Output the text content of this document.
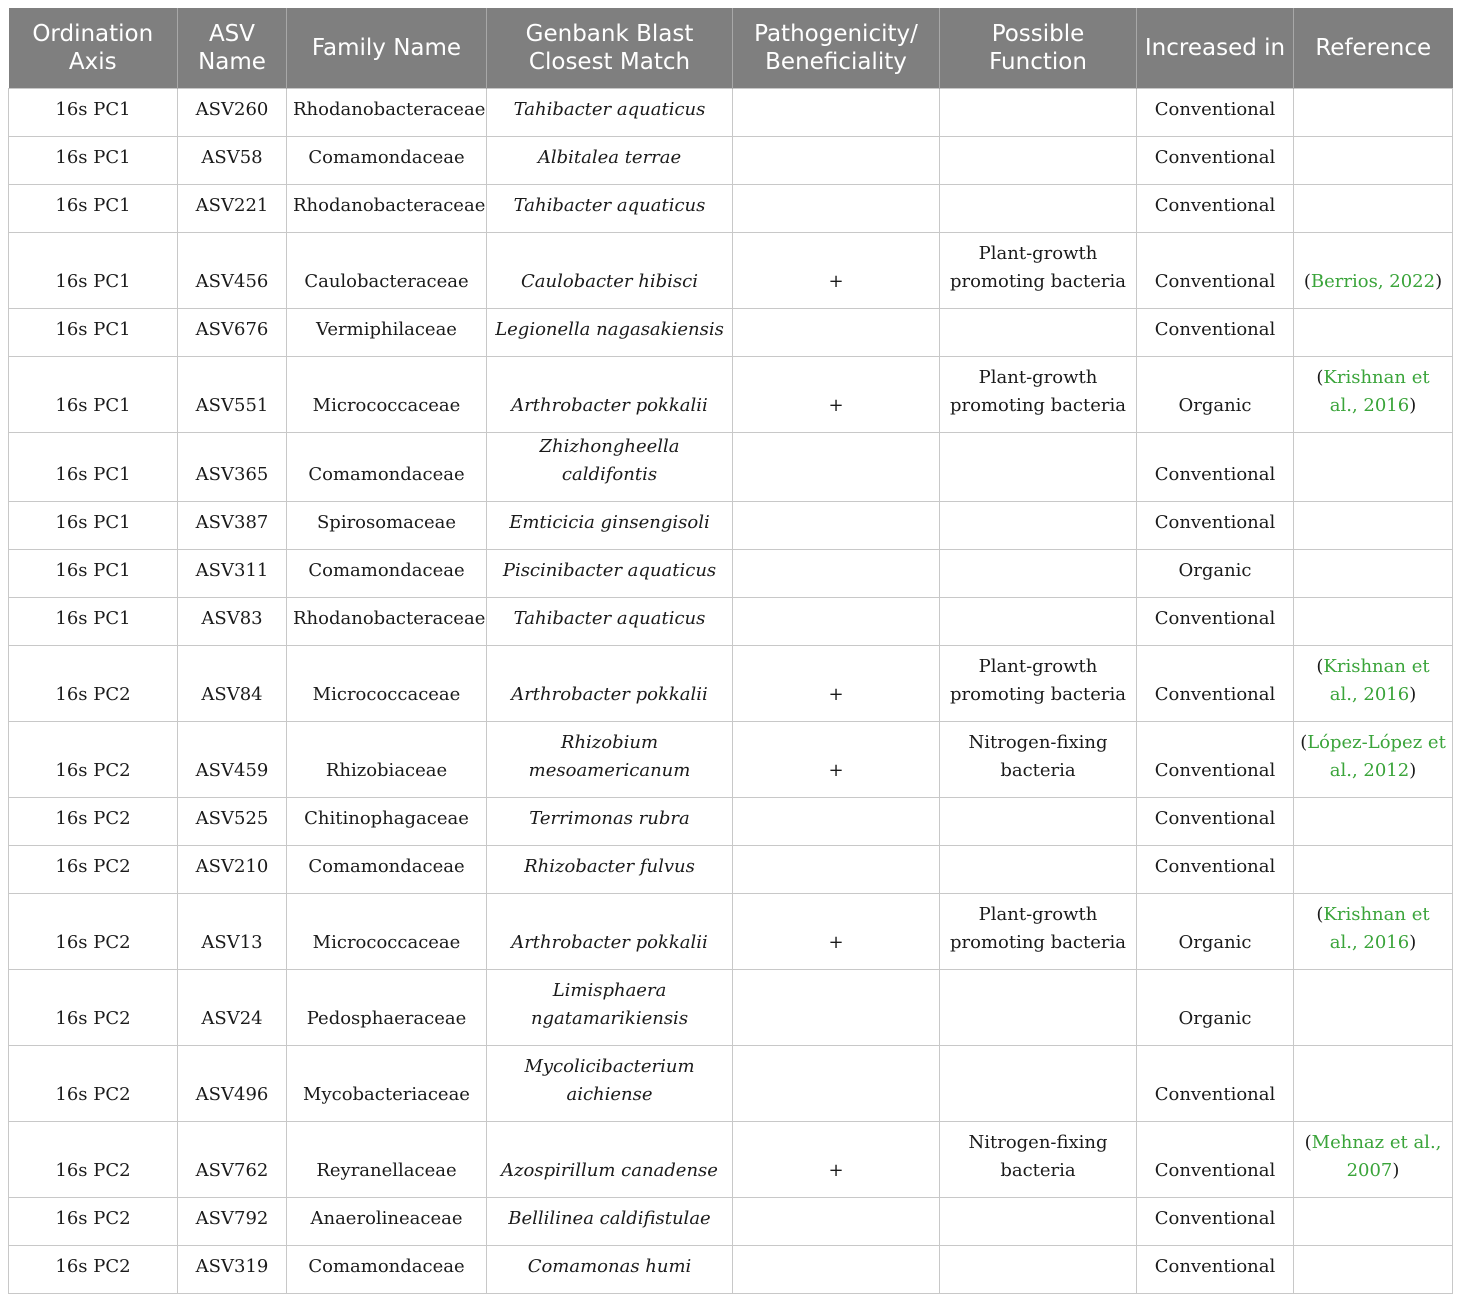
Ordination Axis	ASV Name	Family Name	Genbank Blast Closest Match	Pathogenicity/ Beneficiality	Possible Function	Increased in	Reference
16s PC1	ASV260	Rhodanobacteraceae	Tahibacter aquaticus			Conventional	
16s PC1	ASV58	Comamondaceae	Albitalea terrae			Conventional	
16s PC1	ASV221	Rhodanobacteraceae	Tahibacter aquaticus			Conventional	
16s PC1	ASV456	Caulobacteraceae	Caulobacter hibisci	+	Plant-growth promoting bacteria	Conventional	(Berrios, 2022)
16s PC1	ASV676	Vermiphilaceae	Legionella nagasakiensis			Conventional	
16s PC1	ASV551	Micrococcaceae	Arthrobacter pokkalii	+	Plant-growth promoting bacteria	Organic	(Krishnan et al., 2016)
16s PC1	ASV365	Comamondaceae	Zhizhongheella caldifontis			Conventional	
16s PC1	ASV387	Spirosomaceae	Emticicia ginsengisoli			Conventional	
16s PC1	ASV311	Comamondaceae	Piscinibacter aquaticus			Organic	
16s PC1	ASV83	Rhodanobacteraceae	Tahibacter aquaticus			Conventional	
16s PC2	ASV84	Micrococcaceae	Arthrobacter pokkalii	+	Plant-growth promoting bacteria	Conventional	(Krishnan et al., 2016)
16s PC2	ASV459	Rhizobiaceae	Rhizobium mesoamericanum	+	Nitrogen-fixing bacteria	Conventional	(López-López et al., 2012)
16s PC2	ASV525	Chitinophagaceae	Terrimonas rubra			Conventional	
16s PC2	ASV210	Comamondaceae	Rhizobacter fulvus			Conventional	
16s PC2	ASV13	Micrococcaceae	Arthrobacter pokkalii	+	Plant-growth promoting bacteria	Organic	(Krishnan et al., 2016)
16s PC2	ASV24	Pedosphaeraceae	Limisphaera ngatamarikiensis			Organic	
16s PC2	ASV496	Mycobacteriaceae	Mycolicibacterium aichiense			Conventional	
16s PC2	ASV762	Reyranellaceae	Azospirillum canadense	+	Nitrogen-fixing bacteria	Conventional	(Mehnaz et al., 2007)
16s PC2	ASV792	Anaerolineaceae	Bellilinea caldifistulae			Conventional	
16s PC2	ASV319	Comamondaceae	Comamonas humi			Conventional	
